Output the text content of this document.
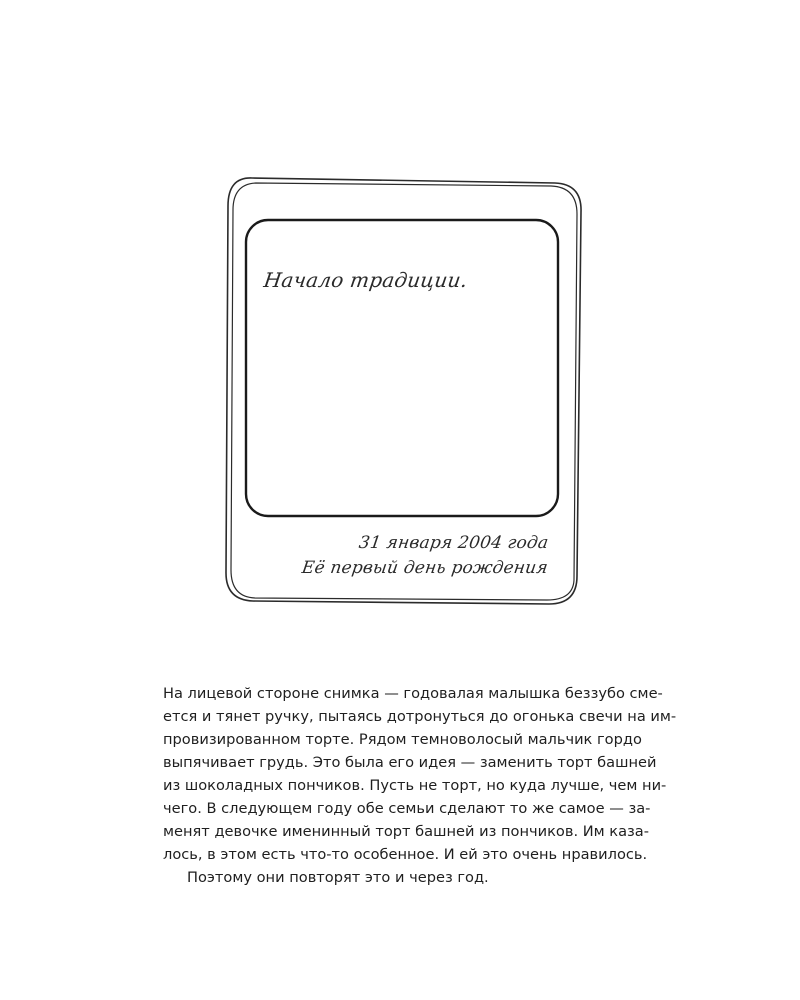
Начало традиции.
31 января 2004 года
Её первый день рождения
На лицевой стороне снимка — годовалая малышка беззубо сме-
ется и тянет ручку, пытаясь дотронуться до огонька свечи на им-
провизированном торте. Рядом темноволосый мальчик гордо
выпячивает грудь. Это была его идея — заменить торт башней
из шоколадных пончиков. Пусть не торт, но куда лучше, чем ни-
чего. В следующем году обе семьи сделают то же самое — за-
менят девочке именинный торт башней из пончиков. Им каза-
лось, в этом есть что-то особенное. И ей это очень нравилось.
Поэтому они повторят это и через год.
